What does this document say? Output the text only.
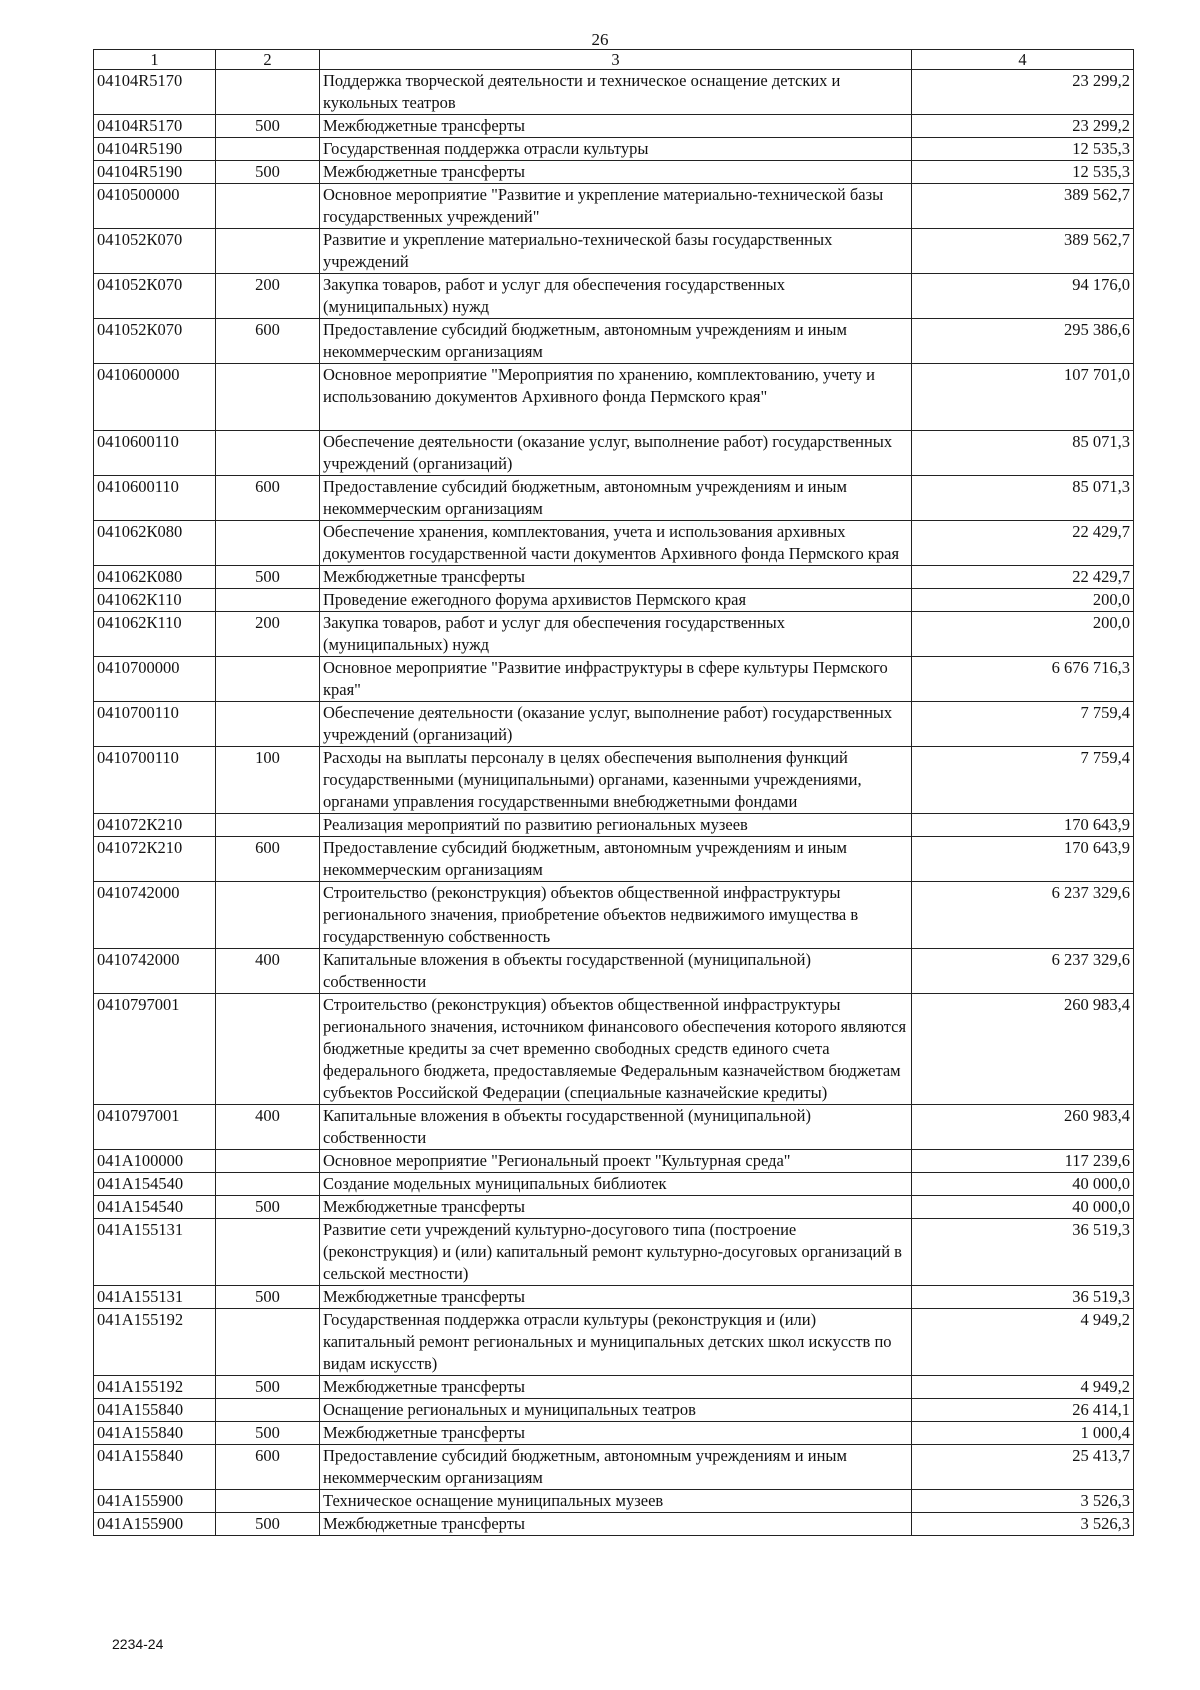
26
1	2	3	4
04104R5170		Поддержка творческой деятельности и техническое оснащение детских и кукольных театров	23 299,2
04104R5170	500	Межбюджетные трансферты	23 299,2
04104R5190		Государственная поддержка отрасли культуры	12 535,3
04104R5190	500	Межбюджетные трансферты	12 535,3
0410500000		Основное мероприятие "Развитие и укрепление материально-технической базы государственных учреждений"	389 562,7
041052К070		Развитие и укрепление материально-технической базы государственных учреждений	389 562,7
041052К070	200	Закупка товаров, работ и услуг для обеспечения государственных (муниципальных) нужд	94 176,0
041052К070	600	Предоставление субсидий бюджетным, автономным учреждениям и иным некоммерческим организациям	295 386,6
0410600000		Основное мероприятие "Мероприятия по хранению, комплектованию, учету и использованию документов Архивного фонда Пермского края"	107 701,0
0410600110		Обеспечение деятельности (оказание услуг, выполнение работ) государственных учреждений (организаций)	85 071,3
0410600110	600	Предоставление субсидий бюджетным, автономным учреждениям и иным некоммерческим организациям	85 071,3
041062К080		Обеспечение хранения, комплектования, учета и использования архивных документов государственной части документов Архивного фонда Пермского края	22 429,7
041062К080	500	Межбюджетные трансферты	22 429,7
041062К110		Проведение ежегодного форума архивистов Пермского края	200,0
041062К110	200	Закупка товаров, работ и услуг для обеспечения государственных (муниципальных) нужд	200,0
0410700000		Основное мероприятие "Развитие инфраструктуры в сфере культуры Пермского края"	6 676 716,3
0410700110		Обеспечение деятельности (оказание услуг, выполнение работ) государственных учреждений (организаций)	7 759,4
0410700110	100	Расходы на выплаты персоналу в целях обеспечения выполнения функций государственными (муниципальными) органами, казенными учреждениями, органами управления государственными внебюджетными фондами	7 759,4
041072К210		Реализация мероприятий по развитию региональных музеев	170 643,9
041072К210	600	Предоставление субсидий бюджетным, автономным учреждениям и иным некоммерческим организациям	170 643,9
0410742000		Строительство (реконструкция) объектов общественной инфраструктуры регионального значения, приобретение объектов недвижимого имущества в государственную собственность	6 237 329,6
0410742000	400	Капитальные вложения в объекты государственной (муниципальной) собственности	6 237 329,6
0410797001		Строительство (реконструкция) объектов общественной инфраструктуры регионального значения, источником финансового обеспечения которого являются бюджетные кредиты за счет временно свободных средств единого счета федерального бюджета, предоставляемые Федеральным казначейством бюджетам субъектов Российской Федерации (специальные казначейские кредиты)	260 983,4
0410797001	400	Капитальные вложения в объекты государственной (муниципальной) собственности	260 983,4
041A100000		Основное мероприятие "Региональный проект "Культурная среда"	117 239,6
041A154540		Создание модельных муниципальных библиотек	40 000,0
041A154540	500	Межбюджетные трансферты	40 000,0
041A155131		Развитие сети учреждений культурно-досугового типа (построение (реконструкция) и (или) капитальный ремонт культурно-досуговых организаций в сельской местности)	36 519,3
041A155131	500	Межбюджетные трансферты	36 519,3
041A155192		Государственная поддержка отрасли культуры (реконструкция и (или) капитальный ремонт региональных и муниципальных детских школ искусств по видам искусств)	4 949,2
041A155192	500	Межбюджетные трансферты	4 949,2
041A155840		Оснащение региональных и муниципальных театров	26 414,1
041A155840	500	Межбюджетные трансферты	1 000,4
041A155840	600	Предоставление субсидий бюджетным, автономным учреждениям и иным некоммерческим организациям	25 413,7
041A155900		Техническое оснащение муниципальных музеев	3 526,3
041A155900	500	Межбюджетные трансферты	3 526,3
2234-24
